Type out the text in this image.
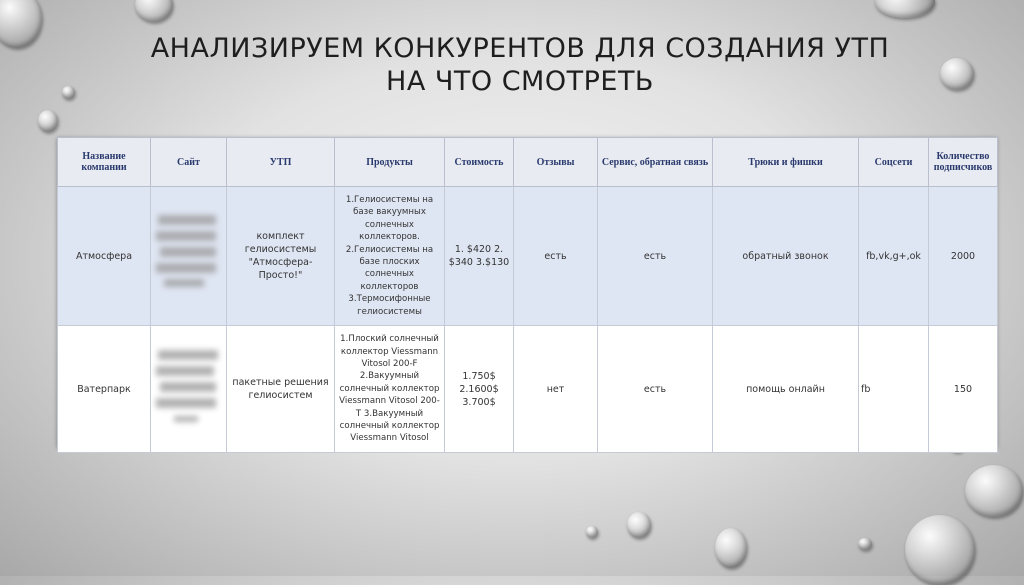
АНАЛИЗИРУЕМ КОНКУРЕНТОВ ДЛЯ СОЗДАНИЯ УТП
НА ЧТО СМОТРЕТЬ
Название компании	Сайт	УТП	Продукты	Стоимость	Отзывы	Сервис, обратная связь	Трюки и фишки	Соцсети	Количество подписчиков
Атмосфера		комплект гелиосистемы "Атмосфера-Просто!"	1.Гелиосистемы на базе вакуумных солнечных коллекторов. 2.Гелиосистемы на базе плоских солнечных коллекторов 3.Термосифонные гелиосистемы	1. $420 2. $340 3.$130	есть	есть	обратный звонок	fb,vk,g+,ok	2000
Ватерпарк		пакетные решения гелиосистем	1.Плоский солнечный коллектор Viessmann Vitosol 200-F 2.Вакуумный солнечный коллектор Viessmann Vitosol 200-T 3.Вакуумный солнечный коллектор Viessmann Vitosol	1.750$ 2.1600$ 3.700$	нет	есть	помощь онлайн	fb	150
